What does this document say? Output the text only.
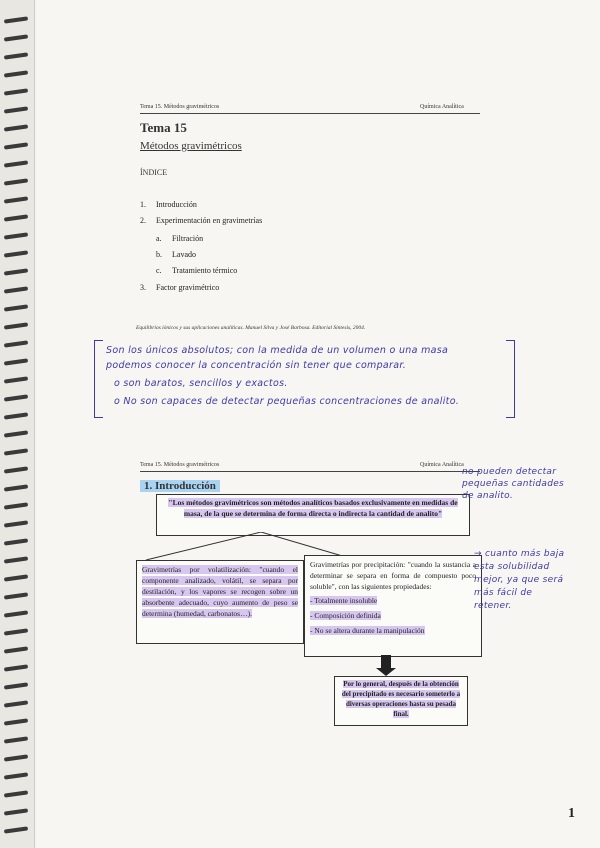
Tema 15. Métodos gravimétricos	Química Analítica
Tema 15
Métodos gravimétricos
ÍNDICE
1. Introducción
2. Experimentación en gravimetrías
a. Filtración
b. Lavado
c. Tratamiento térmico
3. Factor gravimétrico
Equilibrios iónicos y sus aplicaciones analíticas. Manuel Silva y José Barbosa. Editorial Síntesis, 2004.
Son los únicos absolutos; con la medida de un volumen o una masa
podemos conocer la concentración sin tener que comparar.
o son baratos, sencillos y exactos.
o No son capaces de detectar pequeñas concentraciones de analito.
Tema 15. Métodos gravimétricos	Química Analítica
1. Introducción
"Los métodos gravimétricos son métodos analíticos basados exclusivamente en medidas de masa, de la que se determina de forma directa o indirecta la cantidad de analito"
Gravimetrías por volatilización: "cuando el componente analizado, volátil, se separa por destilación, y los vapores se recogen sobre un absorbente adecuado, cuyo aumento de peso se determina (humedad, carbonatos…).
Gravimetrías por precipitación: "cuando la sustancia a determinar se separa en forma de compuesto poco soluble", con las siguientes propiedades:
- Totalmente insoluble
- Composición definida
- No se altera durante la manipulación
Por lo general, después de la obtención del precipitado es necesario someterlo a diversas operaciones hasta su pesada final.
no pueden detectar
pequeñas cantidades
de analito.
→ cuanto más baja
esta solubilidad
mejor, ya que será
más fácil de
retener.
1
